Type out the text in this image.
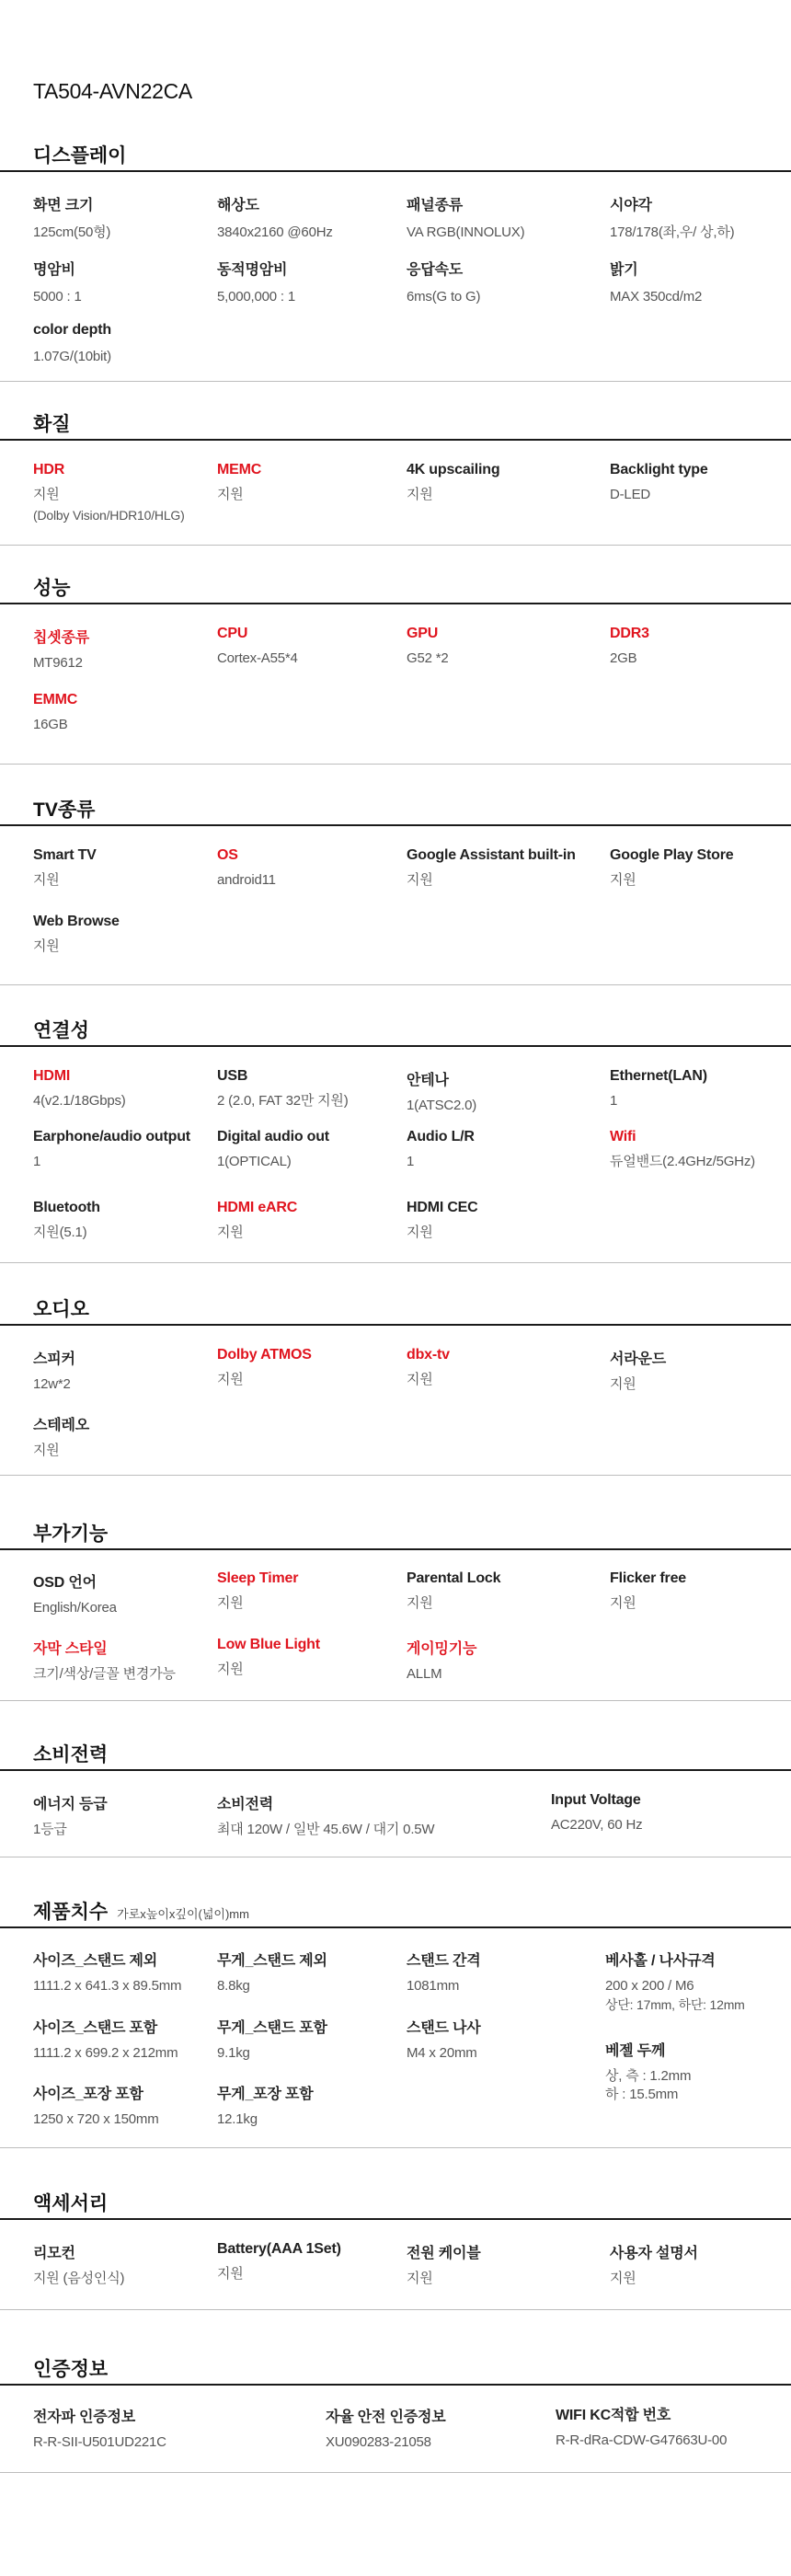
TA504-AVN22CA
디스플레이
화면 크기
125cm(50형)
해상도
3840x2160 @60Hz
패널종류
VA RGB(INNOLUX)
시야각
178/178(좌,우/ 상,하)
명암비
5000 : 1
동적명암비
5,000,000 : 1
응답속도
6ms(G to G)
밝기
MAX 350cd/m2
color depth
1.07G/(10bit)
화질
HDR
지원
(Dolby Vision/HDR10/HLG)
MEMC
지원
4K upscailing
지원
Backlight type
D-LED
성능
칩셋종류
MT9612
CPU
Cortex-A55*4
GPU
G52 *2
DDR3
2GB
EMMC
16GB
TV종류
Smart TV
지원
OS
android11
Google Assistant built-in
지원
Google Play Store
지원
Web Browse
지원
연결성
HDMI
4(v2.1/18Gbps)
USB
2 (2.0, FAT 32만 지원)
안테나
1(ATSC2.0)
Ethernet(LAN)
1
Earphone/audio output
1
Digital audio out
1(OPTICAL)
Audio L/R
1
Wifi
듀얼밴드(2.4GHz/5GHz)
Bluetooth
지원(5.1)
HDMI eARC
지원
HDMI CEC
지원
오디오
스피커
12w*2
Dolby ATMOS
지원
dbx-tv
지원
서라운드
지원
스테레오
지원
부가기능
OSD 언어
English/Korea
Sleep Timer
지원
Parental Lock
지원
Flicker free
지원
자막 스타일
크기/색상/글꼴 변경가능
Low Blue Light
지원
게이밍기능
ALLM
소비전력
에너지 등급
1등급
소비전력
최대 120W / 일반 45.6W / 대기 0.5W
Input Voltage
AC220V, 60 Hz
제품치수 가로x높이x깊이(넓이)mm
사이즈_스탠드 제외
1111.2 x 641.3 x 89.5mm
무게_스탠드 제외
8.8kg
스탠드 간격
1081mm
베사홀 / 나사규격
200 x 200 / M6
상단: 17mm, 하단: 12mm
사이즈_스탠드 포함
1111.2 x 699.2 x 212mm
무게_스탠드 포함
9.1kg
스탠드 나사
M4 x 20mm	베젤 두께
상, 측 : 1.2mm
하 : 15.5mm
사이즈_포장 포함
1250 x 720 x 150mm
무게_포장 포함
12.1kg
액세서리
리모컨
지원 (음성인식)
Battery(AAA 1Set)
지원
전원 케이블
지원
사용자 설명서
지원
인증정보
전자파 인증정보
R-R-SII-U501UD221C
자율 안전 인증정보
XU090283-21058
WIFI KC적합 번호
R-R-dRa-CDW-G47663U-00
